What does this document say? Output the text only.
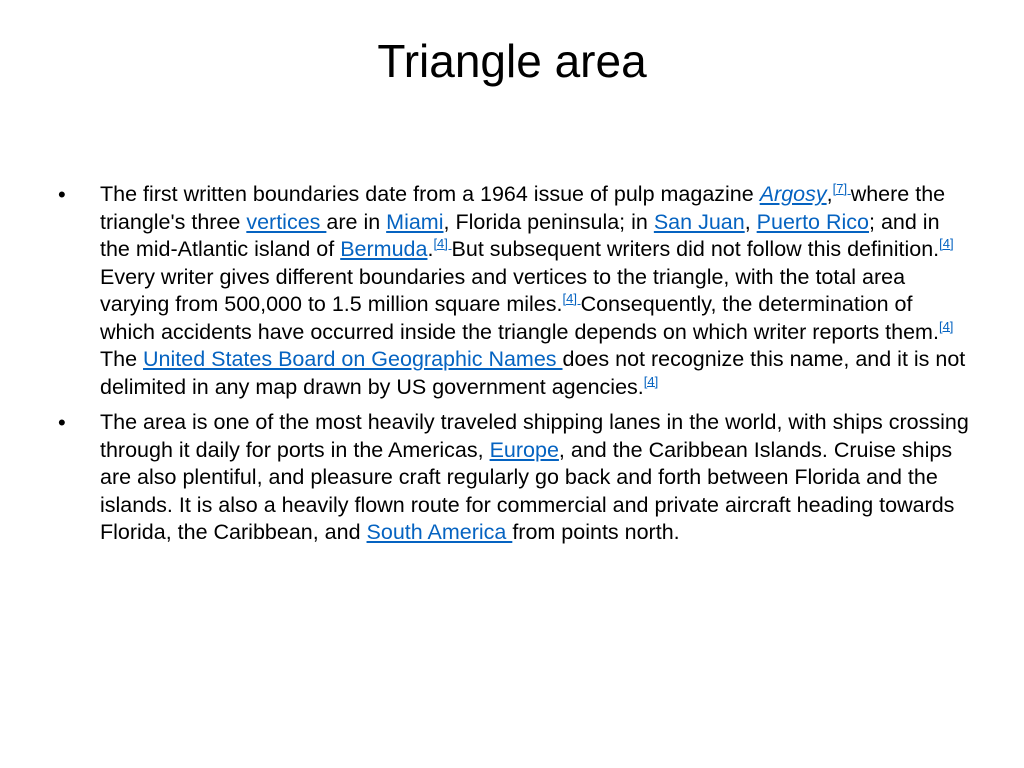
Triangle area
•	The first written boundaries date from a 1964 issue of pulp magazine Argosy,[7] where the triangle's three vertices are in Miami, Florida peninsula; in San Juan, Puerto Rico; and in the mid-Atlantic island of Bermuda.[4] But subsequent writers did not follow this definition.[4] Every writer gives different boundaries and vertices to the triangle, with the total area varying from 500,000 to 1.5 million square miles.[4] Consequently, the determination of which accidents have occurred inside the triangle depends on which writer reports them.[4] The United States Board on Geographic Names does not recognize this name, and it is not delimited in any map drawn by US government agencies.[4]
•	The area is one of the most heavily traveled shipping lanes in the world, with ships crossing through it daily for ports in the Americas, Europe, and the Caribbean Islands. Cruise ships are also plentiful, and pleasure craft regularly go back and forth between Florida and the islands. It is also a heavily flown route for commercial and private aircraft heading towards Florida, the Caribbean, and South America from points north.
